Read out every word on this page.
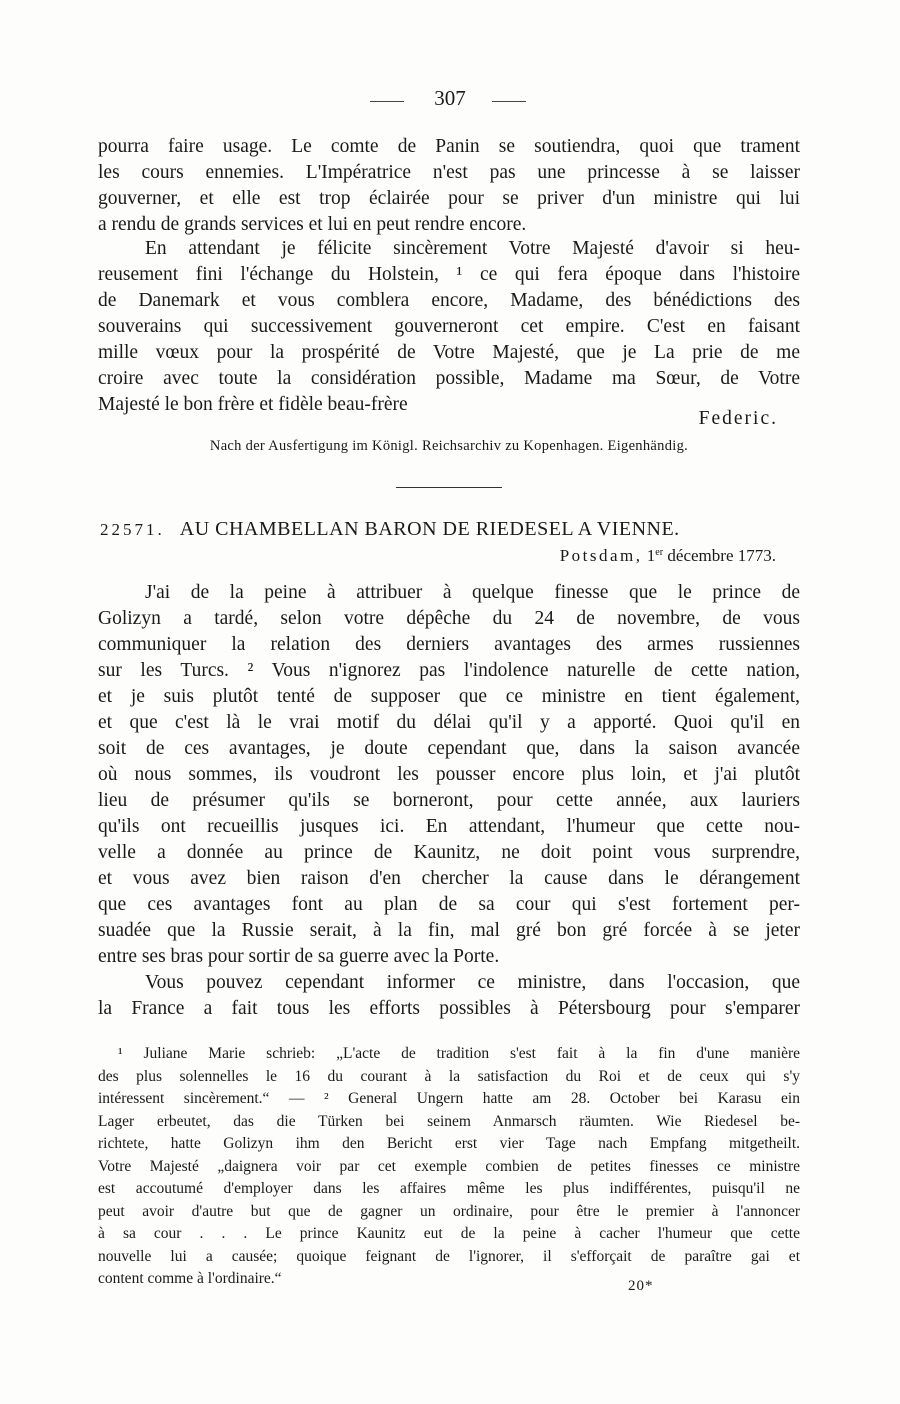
307
pourra faire usage. Le comte de Panin se soutiendra, quoi que trament
les cours ennemies. L'Impératrice n'est pas une princesse à se laisser
gouverner, et elle est trop éclairée pour se priver d'un ministre qui lui
a rendu de grands services et lui en peut rendre encore.
En attendant je félicite sincèrement Votre Majesté d'avoir si heu-
reusement fini l'échange du Holstein, ¹ ce qui fera époque dans l'histoire
de Danemark et vous comblera encore, Madame, des bénédictions des
souverains qui successivement gouverneront cet empire. C'est en faisant
mille vœux pour la prospérité de Votre Majesté, que je La prie de me
croire avec toute la considération possible, Madame ma Sœur, de Votre
Majesté le bon frère et fidèle beau-frère
Federic.
Nach der Ausfertigung im Königl. Reichsarchiv zu Kopenhagen. Eigenhändig.
22571. AU CHAMBELLAN BARON DE RIEDESEL A VIENNE.
Potsdam, 1er décembre 1773.
J'ai de la peine à attribuer à quelque finesse que le prince de
Golizyn a tardé, selon votre dépêche du 24 de novembre, de vous
communiquer la relation des derniers avantages des armes russiennes
sur les Turcs. ² Vous n'ignorez pas l'indolence naturelle de cette nation,
et je suis plutôt tenté de supposer que ce ministre en tient également,
et que c'est là le vrai motif du délai qu'il y a apporté. Quoi qu'il en
soit de ces avantages, je doute cependant que, dans la saison avancée
où nous sommes, ils voudront les pousser encore plus loin, et j'ai plutôt
lieu de présumer qu'ils se borneront, pour cette année, aux lauriers
qu'ils ont recueillis jusques ici. En attendant, l'humeur que cette nou-
velle a donnée au prince de Kaunitz, ne doit point vous surprendre,
et vous avez bien raison d'en chercher la cause dans le dérangement
que ces avantages font au plan de sa cour qui s'est fortement per-
suadée que la Russie serait, à la fin, mal gré bon gré forcée à se jeter
entre ses bras pour sortir de sa guerre avec la Porte.
Vous pouvez cependant informer ce ministre, dans l'occasion, que
la France a fait tous les efforts possibles à Pétersbourg pour s'emparer
¹ Juliane Marie schrieb: „L'acte de tradition s'est fait à la fin d'une manière
des plus solennelles le 16 du courant à la satisfaction du Roi et de ceux qui s'y
intéressent sincèrement.“ — ² General Ungern hatte am 28. October bei Karasu ein
Lager erbeutet, das die Türken bei seinem Anmarsch räumten. Wie Riedesel be-
richtete, hatte Golizyn ihm den Bericht erst vier Tage nach Empfang mitgetheilt.
Votre Majesté „daignera voir par cet exemple combien de petites finesses ce ministre
est accoutumé d'employer dans les affaires même les plus indifférentes, puisqu'il ne
peut avoir d'autre but que de gagner un ordinaire, pour être le premier à l'annoncer
à sa cour . . . Le prince Kaunitz eut de la peine à cacher l'humeur que cette
nouvelle lui a causée; quoique feignant de l'ignorer, il s'efforçait de paraître gai et
content comme à l'ordinaire.“	20*
